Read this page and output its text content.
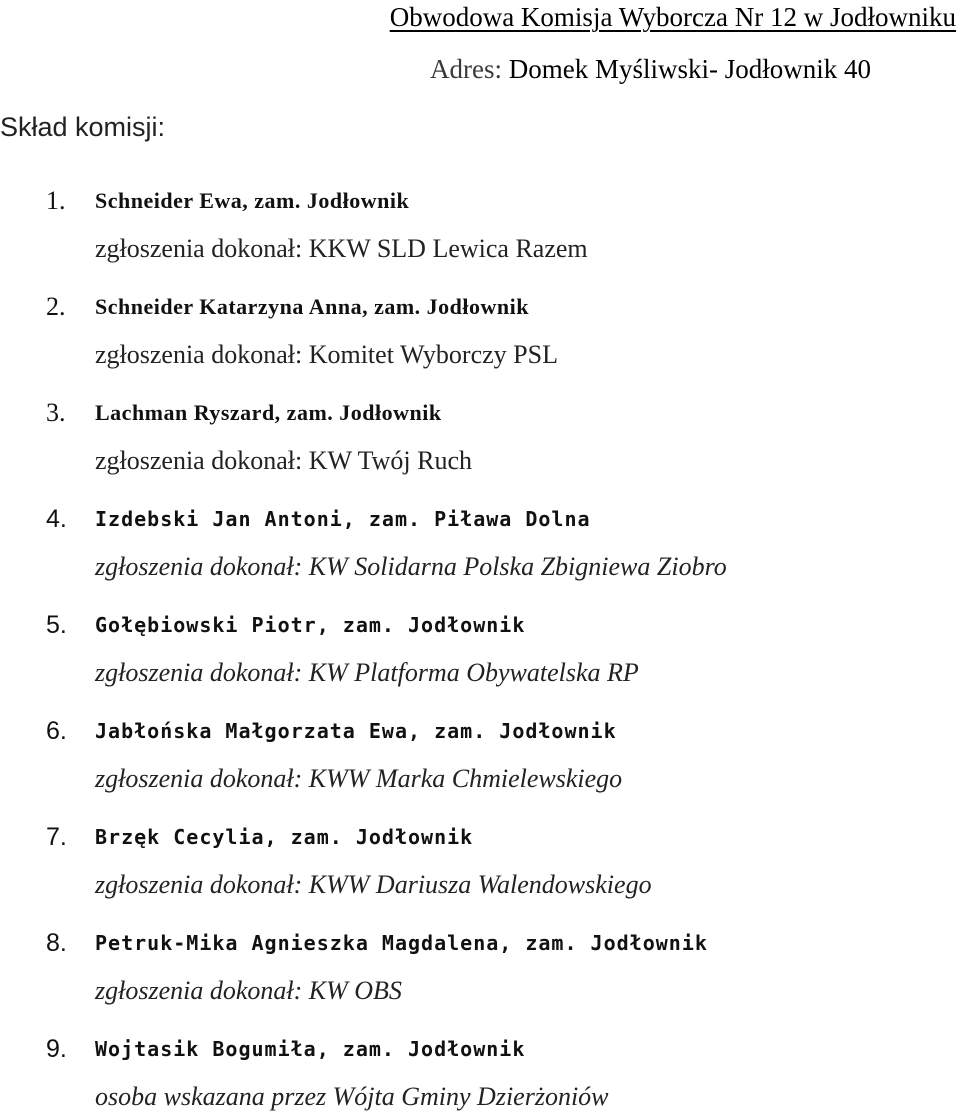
Obwodowa Komisja Wyborcza Nr 12 w Jodłowniku
Adres: Domek Myśliwski- Jodłownik 40
Skład komisji:
1. Schneider Ewa, zam. Jodłownik
zgłoszenia dokonał: KKW SLD Lewica Razem
2. Schneider Katarzyna Anna, zam. Jodłownik
zgłoszenia dokonał: Komitet Wyborczy PSL
3. Lachman Ryszard, zam. Jodłownik
zgłoszenia dokonał: KW Twój Ruch
4. Izdebski Jan Antoni, zam. Piława Dolna
zgłoszenia dokonał: KW Solidarna Polska Zbigniewa Ziobro
5. Gołębiowski Piotr, zam. Jodłownik
zgłoszenia dokonał: KW Platforma Obywatelska RP
6. Jabłońska Małgorzata Ewa, zam. Jodłownik
zgłoszenia dokonał: KWW Marka Chmielewskiego
7. Brzęk Cecylia, zam. Jodłownik
zgłoszenia dokonał: KWW Dariusza Walendowskiego
8. Petruk-Mika Agnieszka Magdalena, zam. Jodłownik
zgłoszenia dokonał: KW OBS
9. Wojtasik Bogumiła, zam. Jodłownik
osoba wskazana przez Wójta Gminy Dzierżoniów
